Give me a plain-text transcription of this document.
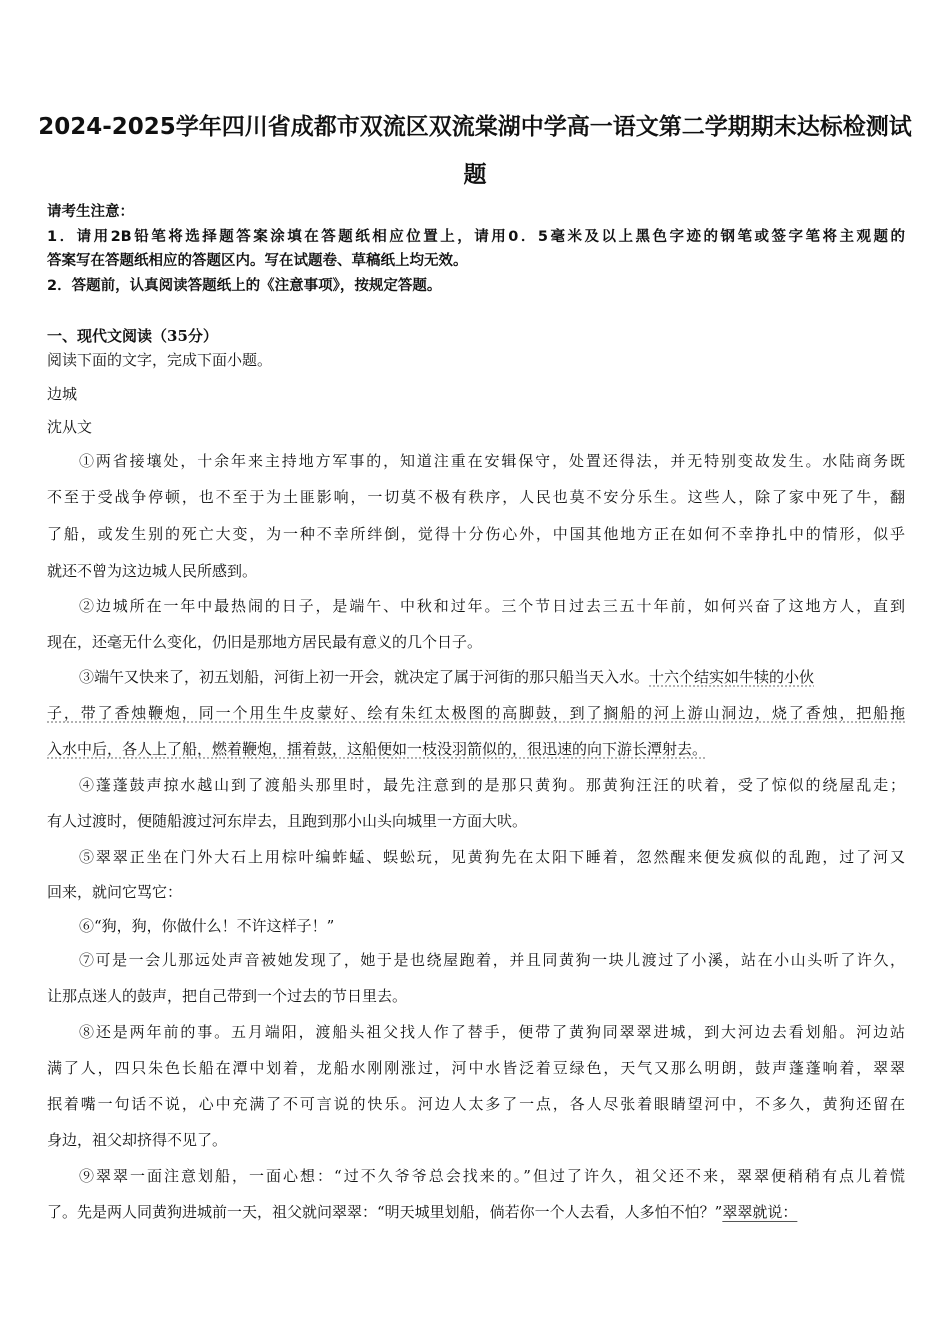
2024-2025学年四川省成都市双流区双流棠湖中学高一语文第二学期期末达标检测试
题
请考生注意：
1．请用2B铅笔将选择题答案涂填在答题纸相应位置上，请用0．5毫米及以上黑色字迹的钢笔或签字笔将主观题的
答案写在答题纸相应的答题区内。写在试题卷、草稿纸上均无效。
2．答题前，认真阅读答题纸上的《注意事项》，按规定答题。
一、现代文阅读（35分）
阅读下面的文字，完成下面小题。
边城
沈从文
①两省接壤处，十余年来主持地方军事的，知道注重在安辑保守，处置还得法，并无特别变故发生。水陆商务既
不至于受战争停顿，也不至于为土匪影响，一切莫不极有秩序，人民也莫不安分乐生。这些人，除了家中死了牛，翻
了船，或发生别的死亡大变，为一种不幸所绊倒，觉得十分伤心外，中国其他地方正在如何不幸挣扎中的情形，似乎
就还不曾为这边城人民所感到。
②边城所在一年中最热闹的日子，是端午、中秋和过年。三个节日过去三五十年前，如何兴奋了这地方人，直到
现在，还毫无什么变化，仍旧是那地方居民最有意义的几个日子。
③端午又快来了，初五划船，河街上初一开会，就决定了属于河街的那只船当天入水。十六个结实如牛犊的小伙
子，带了香烛鞭炮，同一个用生牛皮蒙好、绘有朱红太极图的高脚鼓，到了搁船的河上游山洞边，烧了香烛，把船拖
入水中后，各人上了船，燃着鞭炮，擂着鼓，这船便如一枝没羽箭似的，很迅速的向下游长潭射去。
④蓬蓬鼓声掠水越山到了渡船头那里时，最先注意到的是那只黄狗。那黄狗汪汪的吠着，受了惊似的绕屋乱走；
有人过渡时，便随船渡过河东岸去，且跑到那小山头向城里一方面大吠。
⑤翠翠正坐在门外大石上用棕叶编蚱蜢、蜈蚣玩，见黄狗先在太阳下睡着，忽然醒来便发疯似的乱跑，过了河又
回来，就问它骂它：
⑥“狗，狗，你做什么！不许这样子！”
⑦可是一会儿那远处声音被她发现了，她于是也绕屋跑着，并且同黄狗一块儿渡过了小溪，站在小山头听了许久，
让那点迷人的鼓声，把自己带到一个过去的节日里去。
⑧还是两年前的事。五月端阳，渡船头祖父找人作了替手，便带了黄狗同翠翠进城，到大河边去看划船。河边站
满了人，四只朱色长船在潭中划着，龙船水刚刚涨过，河中水皆泛着豆绿色，天气又那么明朗，鼓声蓬蓬响着，翠翠
抿着嘴一句话不说，心中充满了不可言说的快乐。河边人太多了一点，各人尽张着眼睛望河中，不多久，黄狗还留在
身边，祖父却挤得不见了。
⑨翠翠一面注意划船，一面心想：“过不久爷爷总会找来的。”但过了许久，祖父还不来，翠翠便稍稍有点儿着慌
了。先是两人同黄狗进城前一天，祖父就问翠翠：“明天城里划船，倘若你一个人去看，人多怕不怕？”翠翠就说：
